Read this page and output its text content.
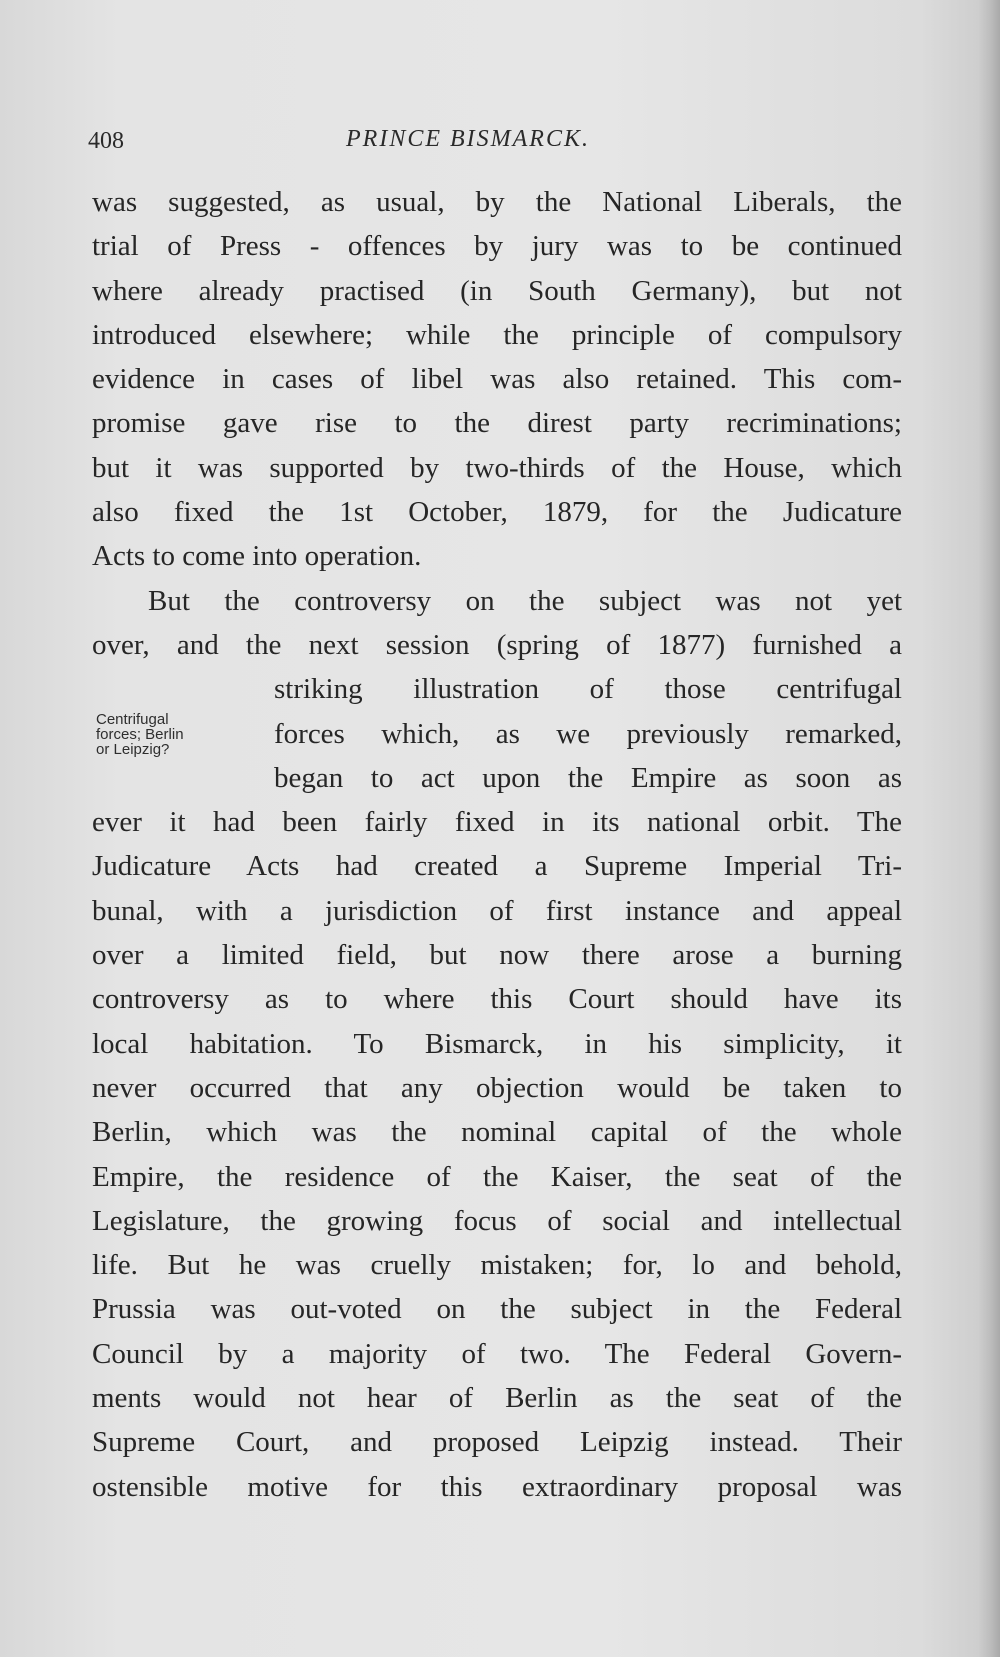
408	PRINCE BISMARCK.
Centrifugal
forces; Berlin
or Leipzig?
was suggested, as usual, by the National Liberals, the
trial of Press - offences by jury was to be continued
where already practised (in South Germany), but not
introduced elsewhere; while the principle of compulsory
evidence in cases of libel was also retained. This com-
promise gave rise to the direst party recriminations;
but it was supported by two-thirds of the House, which
also fixed the 1st October, 1879, for the Judicature
Acts to come into operation.
But the controversy on the subject was not yet
over, and the next session (spring of 1877) furnished a
striking illustration of those centrifugal
forces which, as we previously remarked,
began to act upon the Empire as soon as
ever it had been fairly fixed in its national orbit. The
Judicature Acts had created a Supreme Imperial Tri-
bunal, with a jurisdiction of first instance and appeal
over a limited field, but now there arose a burning
controversy as to where this Court should have its
local habitation. To Bismarck, in his simplicity, it
never occurred that any objection would be taken to
Berlin, which was the nominal capital of the whole
Empire, the residence of the Kaiser, the seat of the
Legislature, the growing focus of social and intellectual
life. But he was cruelly mistaken; for, lo and behold,
Prussia was out-voted on the subject in the Federal
Council by a majority of two. The Federal Govern-
ments would not hear of Berlin as the seat of the
Supreme Court, and proposed Leipzig instead. Their
ostensible motive for this extraordinary proposal was
